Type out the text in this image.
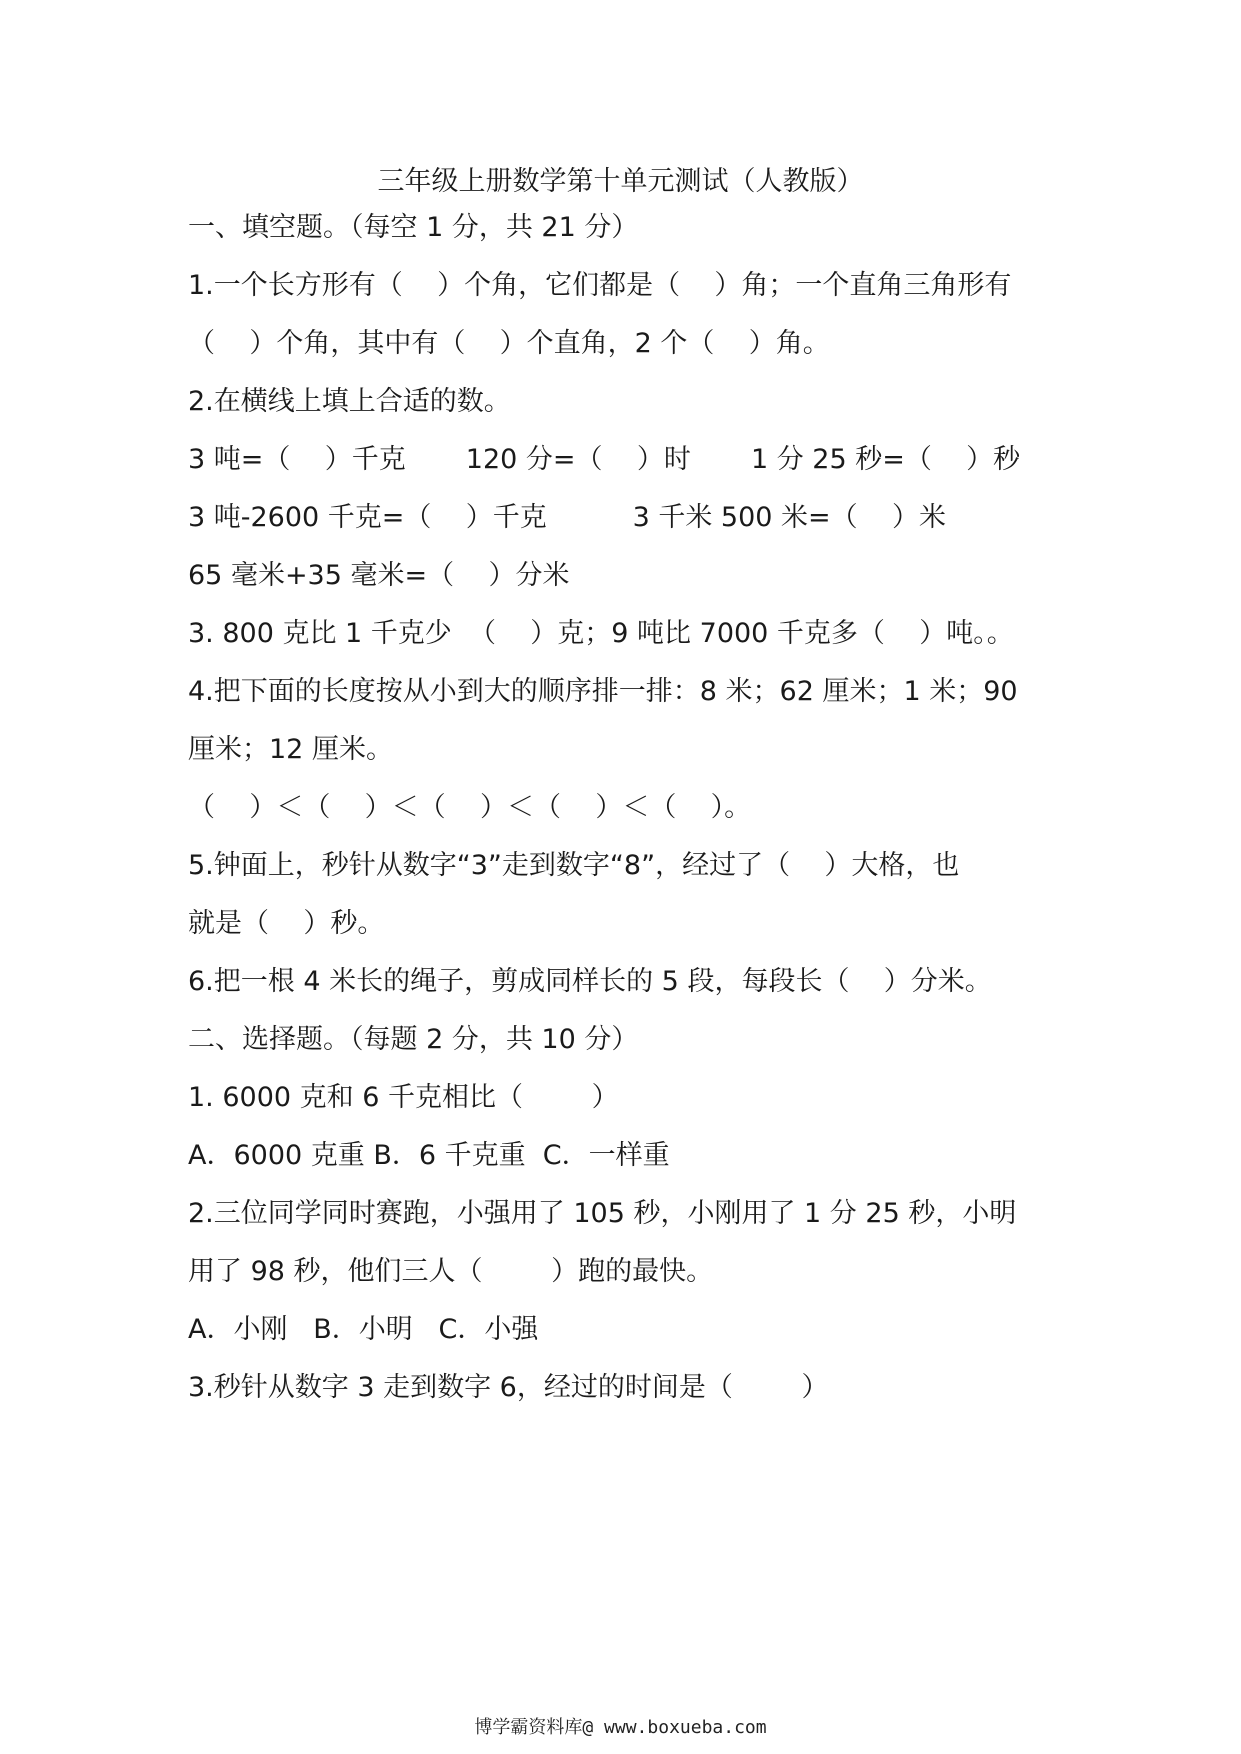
三年级上册数学第十单元测试（人教版）
一、填空题。（每空 1 分，共 21 分）
1.一个长方形有（    ）个角，它们都是（    ）角；一个直角三角形有
（    ）个角，其中有（    ）个直角，2 个（    ）角。
2.在横线上填上合适的数。
3 吨=（    ）千克       120 分=（    ）时       1 分 25 秒=（    ）秒
3 吨-2600 千克=（    ）千克          3 千米 500 米=（    ）米
65 毫米+35 毫米=（    ）分米
3. 800 克比 1 千克少  （    ）克；9 吨比 7000 千克多（    ）吨。。
4.把下面的长度按从小到大的顺序排一排：8 米；62 厘米；1 米；90
厘米；12 厘米。
（    ）＜（    ）＜（    ）＜（    ）＜（    ）。
5.钟面上，秒针从数字“3”走到数字“8”，经过了（    ）大格，也
就是（    ）秒。
6.把一根 4 米长的绳子，剪成同样长的 5 段，每段长（    ）分米。
二、选择题。（每题 2 分，共 10 分）
1. 6000 克和 6 千克相比（        ）
A．6000 克重 B．6 千克重  C．一样重
2.三位同学同时赛跑，小强用了 105 秒，小刚用了 1 分 25 秒，小明
用了 98 秒，他们三人（        ）跑的最快。
A．小刚   B．小明   C．小强
3.秒针从数字 3 走到数字 6，经过的时间是（        ）
博学霸资料库@ www.boxueba.com
